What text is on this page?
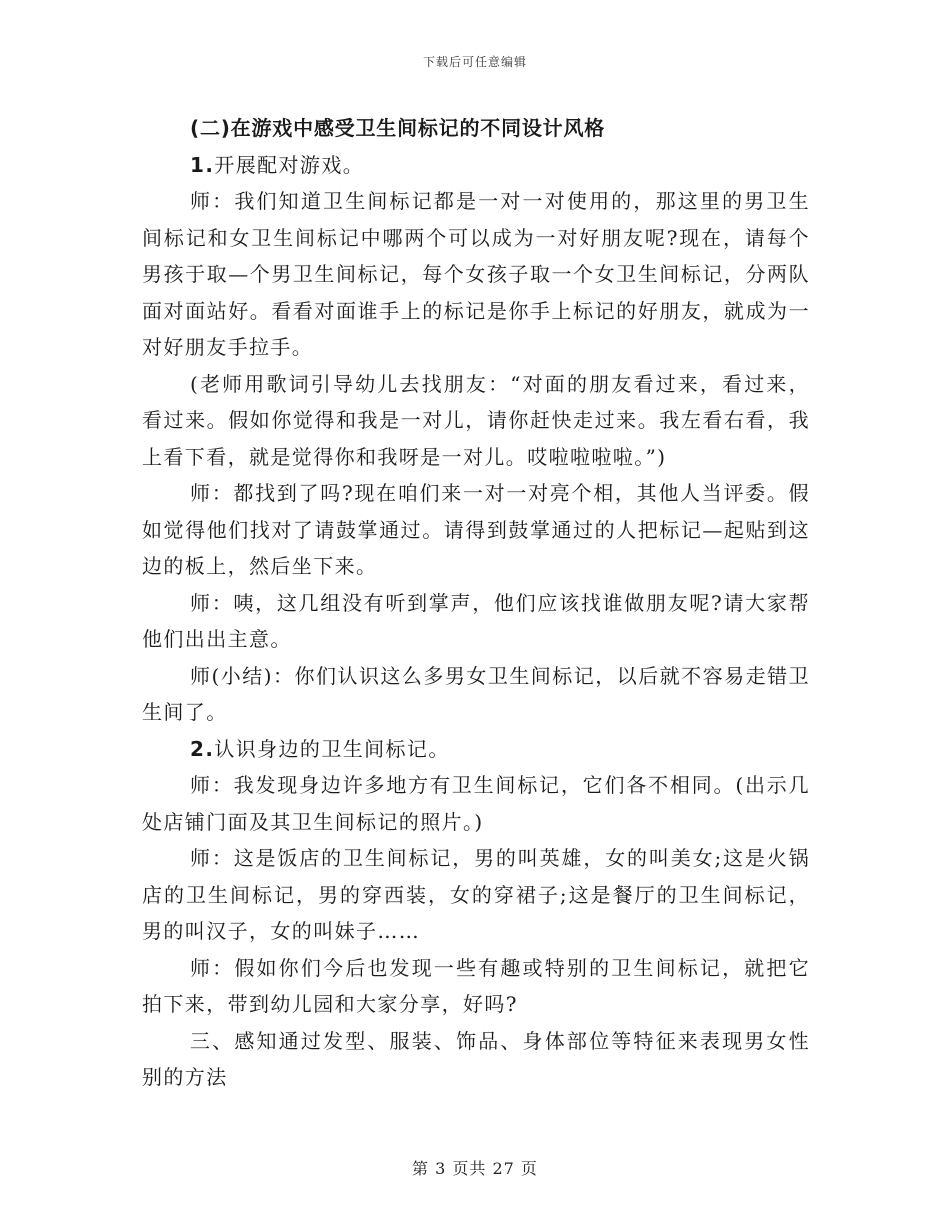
下载后可任意编辑

(二)在游戏中感受卫生间标记的不同设计风格

1.开展配对游戏。

师：我们知道卫生间标记都是一对一对使用的，那这里的男卫生间标记和女卫生间标记中哪两个可以成为一对好朋友呢?现在，请每个男孩于取—个男卫生间标记，每个女孩子取一个女卫生间标记，分两队面对面站好。看看对面谁手上的标记是你手上标记的好朋友，就成为一对好朋友手拉手。

(老师用歌词引导幼儿去找朋友：“对面的朋友看过来，看过来，看过来。假如你觉得和我是一对儿，请你赶快走过来。我左看右看，我上看下看，就是觉得你和我呀是一对儿。哎啦啦啦啦。”)

师：都找到了吗?现在咱们来一对一对亮个相，其他人当评委。假如觉得他们找对了请鼓掌通过。请得到鼓掌通过的人把标记—起贴到这边的板上，然后坐下来。

师：咦，这几组没有听到掌声，他们应该找谁做朋友呢?请大家帮他们出出主意。

师(小结)：你们认识这么多男女卫生间标记，以后就不容易走错卫生间了。

2.认识身边的卫生间标记。

师：我发现身边许多地方有卫生间标记，它们各不相同。(出示几处店铺门面及其卫生间标记的照片。)

师：这是饭店的卫生间标记，男的叫英雄，女的叫美女;这是火锅店的卫生间标记，男的穿西装，女的穿裙子;这是餐厅的卫生间标记，男的叫汉子，女的叫妹子……

师：假如你们今后也发现一些有趣或特别的卫生间标记，就把它拍下来，带到幼儿园和大家分享，好吗?

三、感知通过发型、服装、饰品、身体部位等特征来表现男女性别的方法

第 3 页共 27 页
